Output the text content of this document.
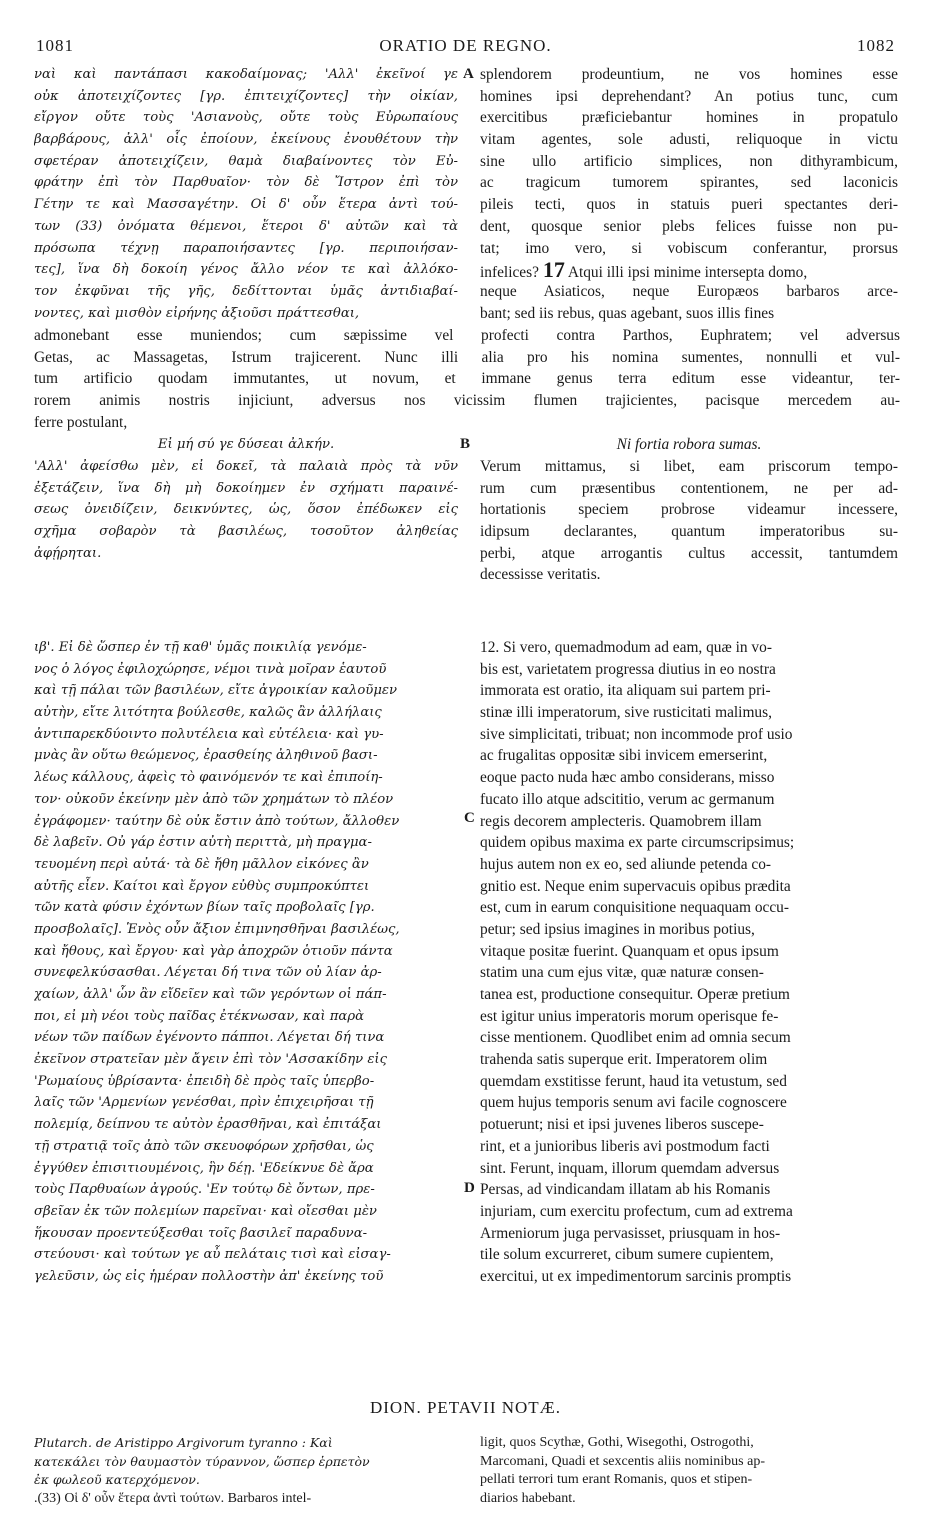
1081	ORATIO DE REGNO.	1082
ναὶ καὶ παντάπασι κακοδαίμονας; 'Αλλ' ἐκεῖνοί γε
οὐκ ἀποτειχίζοντες [γρ. ἐπιτειχίζοντες] τὴν οἰκίαν,
εἴργον οὔτε τοὺς 'Ασιανοὺς, οὔτε τοὺς Εὐρωπαίους
βαρβάρους, ἀλλ' οἷς ἐποίουν, ἐκείνους ἐνουθέτουν τὴν
σφετέραν ἀποτειχίζειν, θαμὰ διαβαίνοντες τὸν Εὐ-
φράτην ἐπὶ τὸν Παρθυαῖον· τὸν δὲ Ἴστρον ἐπὶ τὸν
Γέτην τε καὶ Μασσαγέτην. Οἱ δ' οὖν ἕτερα ἀντὶ τού-
των (33) ὀνόματα θέμενοι, ἕτεροι δ' αὐτῶν καὶ τὰ
πρόσωπα τέχνῃ παραποιήσαντες [γρ. περιποιήσαν-
τες], ἵνα δὴ δοκοίη γένος ἄλλο νέον τε καὶ ἀλλόκο-
τον ἐκφῦναι τῆς γῆς, δεδίττονται ὑμᾶς ἀντιδιαβαί-
νοντες, καὶ μισθὸν εἰρήνης ἀξιοῦσι πράττεσθαι,
splendorem prodeuntium, ne vos homines esse
homines ipsi deprehendant? An potius tunc, cum
exercitibus præficiebantur homines in propatulo
vitam agentes, sole adusti, reliquoque in victu
sine ullo artificio simplices, non dithyrambicum,
ac tragicum tumorem spirantes, sed laconicis
pileis tecti, quos in statuis pueri spectantes deri-
dent, quosque senior plebs felices fuisse non pu-
tat; imo vero, si vobiscum conferantur, prorsus
infelices? 17 Atqui illi ipsi minime intersepta domo,
neque Asiaticos, neque Europæos barbaros arce-
bant; sed iis rebus, quas agebant, suos illis fines
A
admonebant esse muniendos; cum sæpissime vel profecti contra Parthos, Euphratem; vel adversus
Getas, ac Massagetas, Istrum trajicerent. Nunc illi alia pro his nomina sumentes, nonnulli et vul-
tum artificio quodam immutantes, ut novum, et immane genus terra editum esse videantur, ter-
rorem animis nostris injiciunt, adversus nos vicissim flumen trajicientes, pacisque mercedem au-
ferre postulant,
Εἰ μή σύ γε δύσεαι ἀλκήν.	B	Ni fortia robora sumas.
'Αλλ' ἀφείσθω μὲν, εἰ δοκεῖ, τὰ παλαιὰ πρὸς τὰ νῦν
ἐξετάζειν, ἵνα δὴ μὴ δοκοίημεν ἐν σχήματι παραινέ-
σεως ὀνειδίζειν, δεικνύντες, ὡς, ὅσον ἐπέδωκεν εἰς
σχῆμα σοβαρὸν τὰ βασιλέως, τοσοῦτον ἀληθείας
ἀφῄρηται.
Verum mittamus, si libet, eam priscorum tempo-
rum cum præsentibus contentionem, ne per ad-
hortationis speciem probrose videamur incessere,
idipsum declarantes, quantum imperatoribus su-
perbi, atque arrogantis cultus accessit, tantumdem
decessisse veritatis.
ιβ'. Εἰ δὲ ὥσπερ ἐν τῇ καθ' ὑμᾶς ποικιλίᾳ γενόμε-
νος ὁ λόγος ἐφιλοχώρησε, νέμοι τινὰ μοῖραν ἑαυτοῦ
καὶ τῇ πάλαι τῶν βασιλέων, εἴτε ἀγροικίαν καλοῦμεν
αὐτὴν, εἴτε λιτότητα βούλεσθε, καλῶς ἂν ἀλλήλαις
ἀντιπαρεκδύοιντο πολυτέλεια καὶ εὐτέλεια· καὶ γυ-
μνὰς ἂν οὕτω θεώμενος, ἐρασθείης ἀληθινοῦ βασι-
λέως κάλλους, ἀφεὶς τὸ φαινόμενόν τε καὶ ἐπιποίη-
τον· οὐκοῦν ἐκείνην μὲν ἀπὸ τῶν χρημάτων τὸ πλέον
ἐγράφομεν· ταύτην δὲ οὐκ ἔστιν ἀπὸ τούτων, ἄλλοθεν
δὲ λαβεῖν. Οὐ γάρ ἐστιν αὐτὴ περιττὰ, μὴ πραγμα-
τευομένη περὶ αὐτά· τὰ δὲ ἤθη μᾶλλον εἰκόνες ἂν
αὐτῆς εἶεν. Καίτοι καὶ ἔργον εὐθὺς συμπροκύπτει
τῶν κατὰ φύσιν ἐχόντων βίων ταῖς προβολαῖς [γρ.
προσβολαῖς]. Ἑνὸς οὖν ἄξιον ἐπιμνησθῆναι βασιλέως,
καὶ ἤθους, καὶ ἔργου· καὶ γὰρ ἀποχρῶν ὁτιοῦν πάντα
συνεφελκύσασθαι. Λέγεται δή τινα τῶν οὐ λίαν ἀρ-
χαίων, ἀλλ' ὧν ἂν εἴδεῖεν καὶ τῶν γερόντων οἱ πάπ-
ποι, εἰ μὴ νέοι τοὺς παῖδας ἐτέκνωσαν, καὶ παρὰ
νέων τῶν παίδων ἐγένοντο πάπποι. Λέγεται δή τινα
ἐκεῖνον στρατεῖαν μὲν ἄγειν ἐπὶ τὸν 'Ασσακίδην εἰς
'Ρωμαίους ὑβρίσαντα· ἐπειδὴ δὲ πρὸς ταῖς ὑπερβο-
λαῖς τῶν 'Αρμενίων γενέσθαι, πρὶν ἐπιχειρῆσαι τῇ
πολεμίᾳ, δείπνου τε αὐτὸν ἐρασθῆναι, καὶ ἐπιτάξαι
τῇ στρατιᾷ τοῖς ἀπὸ τῶν σκευοφόρων χρῆσθαι, ὡς
ἐγγύθεν ἐπισιτιουμένοις, ἣν δέῃ. 'Εδείκνυε δὲ ἄρα
τοὺς Παρθυαίων ἀγρούς. 'Εν τούτῳ δὲ ὄντων, πρε-
σβεῖαν ἐκ τῶν πολεμίων παρεῖναι· καὶ οἴεσθαι μὲν
ἥκουσαν προεντεύξεσθαι τοῖς βασιλεῖ παραδυνα-
στεύουσι· καὶ τούτων γε αὖ πελάταις τισὶ καὶ εἰσαγ-
γελεῦσιν, ὡς εἰς ἡμέραν πολλοστὴν ἀπ' ἐκείνης τοῦ
12. Si vero, quemadmodum ad eam, quæ in vo-
bis est, varietatem progressa diutius in eo nostra
immorata est oratio, ita aliquam sui partem pri-
stinæ illi imperatorum, sive rusticitati malimus,
sive simplicitati, tribuat; non incommode prof usio
ac frugalitas oppositæ sibi invicem emerserint,
eoque pacto nuda hæc ambo considerans, misso
fucato illo atque adscititio, verum ac germanum
regis decorem amplecteris. Quamobrem illam
quidem opibus maxima ex parte circumscripsimus;
hujus autem non ex eo, sed aliunde petenda co-
gnitio est. Neque enim supervacuis opibus prædita
est, cum in earum conquisitione nequaquam occu-
petur; sed ipsius imagines in moribus potius,
vitaque positæ fuerint. Quanquam et opus ipsum
statim una cum ejus vitæ, quæ naturæ consen-
tanea est, productione consequitur. Operæ pretium
est igitur unius imperatoris morum operisque fe-
cisse mentionem. Quodlibet enim ad omnia secum
trahenda satis superque erit. Imperatorem olim
quemdam exstitisse ferunt, haud ita vetustum, sed
quem hujus temporis senum avi facile cognoscere
potuerunt; nisi et ipsi juvenes liberos suscepe-
rint, et a junioribus liberis avi postmodum facti
sint. Ferunt, inquam, illorum quemdam adversus
Persas, ad vindicandam illatam ab his Romanis
injuriam, cum exercitu profectum, cum ad extrema
Armeniorum juga pervasisset, priusquam in hos-
tile solum excurreret, cibum sumere cupientem,
exercitui, ut ex impedimentorum sarcinis promptis
C
D
DION. PETAVII NOTÆ.
Plutarch. de Aristippo Argivorum tyranno : Καὶ
κατεκάλει τὸν θαυμαστὸν τύραννον, ὥσπερ ἑρπετὸν
ἐκ φωλεοῦ κατερχόμενον.
.(33) Οἱ δ' οὖν ἕτερα ἀντὶ τούτων. Barbaros intel-
ligit, quos Scythæ, Gothi, Wisegothi, Ostrogothi,
Marcomani, Quadi et sexcentis aliis nominibus ap-
pellati terrori tum erant Romanis, quos et stipen-
diarios habebant.
